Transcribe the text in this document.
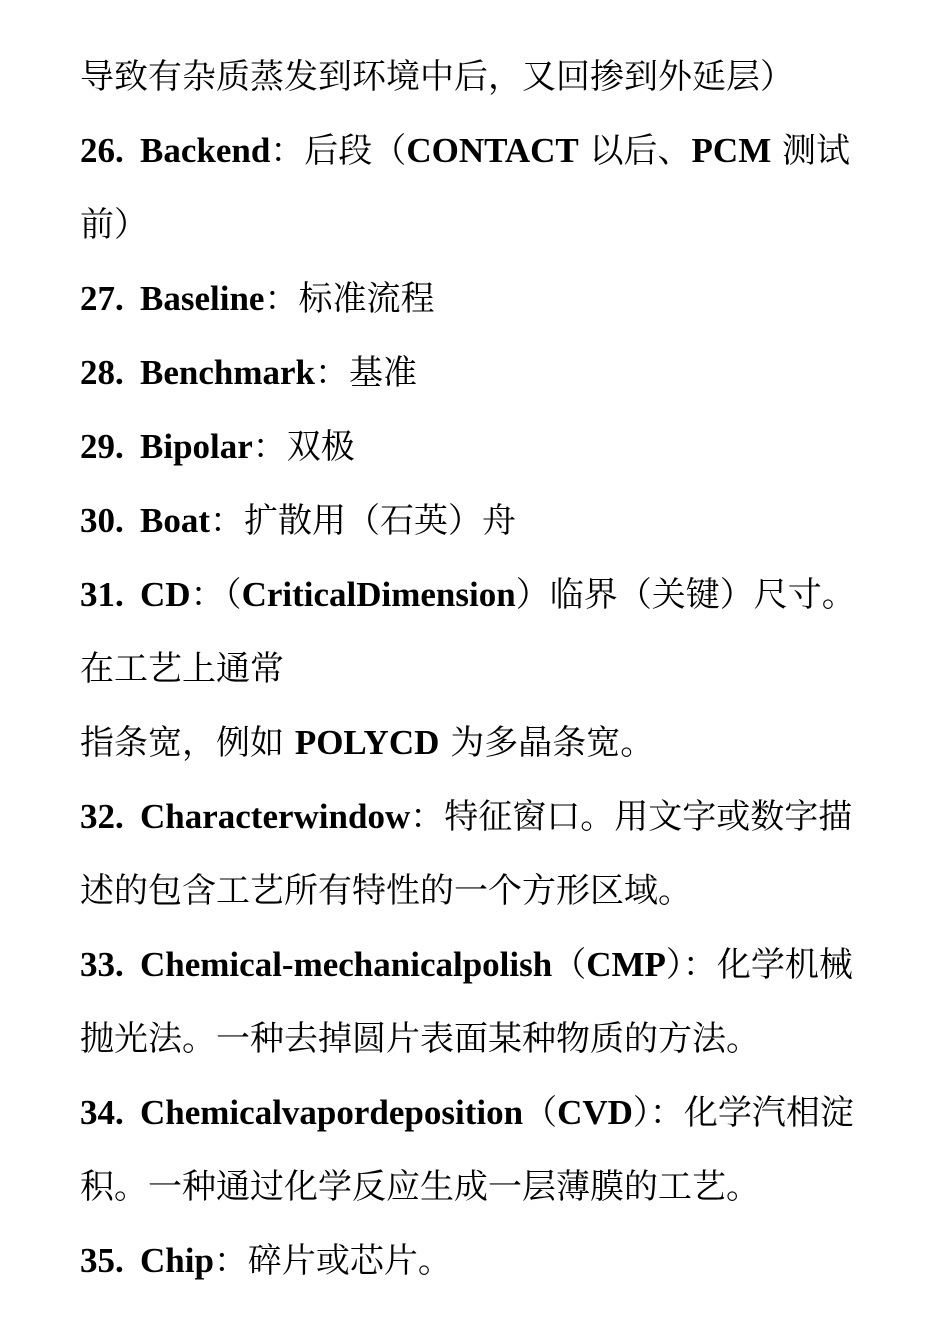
导致有杂质蒸发到环境中后，又回掺到外延层）
26. Backend：后段（CONTACT 以后、PCM 测试
前）
27. Baseline：标准流程
28. Benchmark：基准
29. Bipolar：双极
30. Boat：扩散用（石英）舟
31. CD：（CriticalDimension）临界（关键）尺寸。
在工艺上通常
指条宽，例如 POLYCD 为多晶条宽。
32. Characterwindow：特征窗口。用文字或数字描
述的包含工艺所有特性的一个方形区域。
33. Chemical-mechanicalpolish（CMP）：化学机械
抛光法。一种去掉圆片表面某种物质的方法。
34. Chemicalvapordeposition（CVD）：化学汽相淀
积。一种通过化学反应生成一层薄膜的工艺。
35. Chip：碎片或芯片。
